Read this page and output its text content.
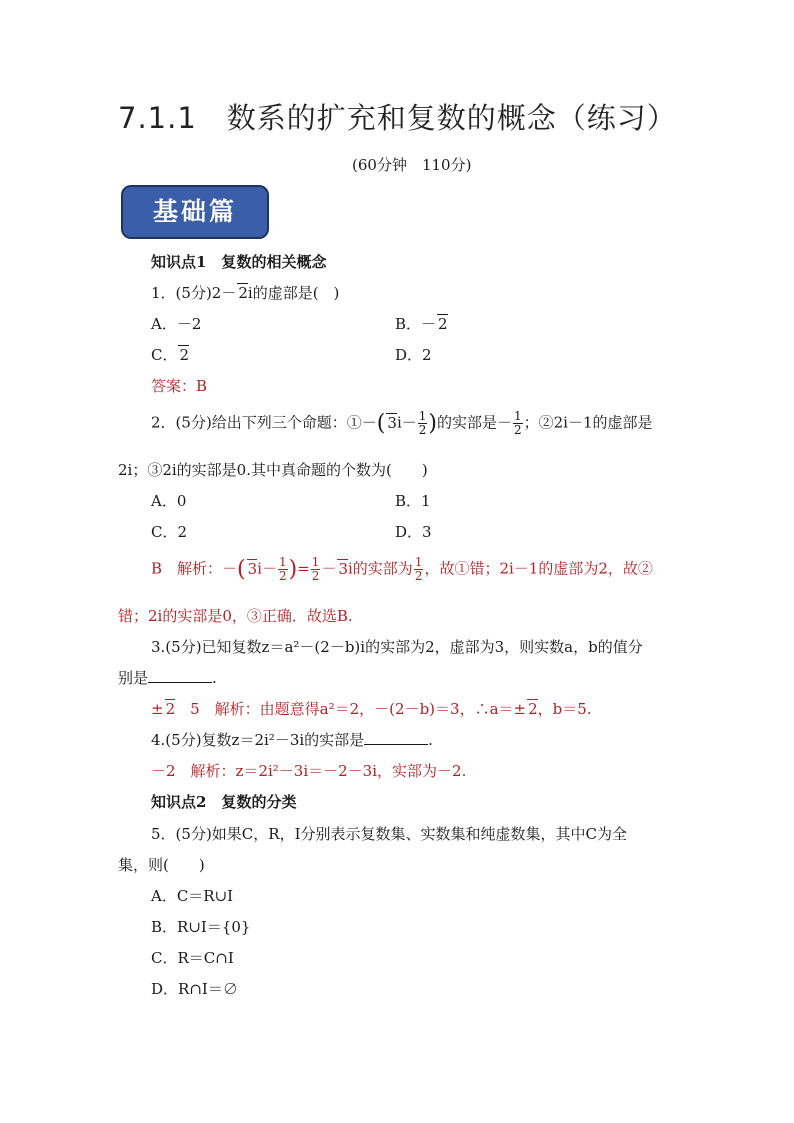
7.1.1　数系的扩充和复数的概念（练习）
(60分钟　110分)
基础篇
知识点1　复数的相关概念
1．(5分)2－ 2i的虚部是(　)
A．－2	B．－ 2
C． 2	D．2
答案：B
2．(5分)给出下列三个命题：①－( $3i- \frac{1}{2}$ )的实部是－ $\frac{1}{2}$ ；②2i－1的虚部是
2i；③2i的实部是0.其中真命题的个数为(　　)
A．0	B．1
C．2	D．3
B　解析：－( $3i- \frac{1}{2}$ )= $\frac{1}{2} - 3i$的实部为 $\frac{1}{2}$ ，故①错；2i－1的虚部为2，故②
错；2i的实部是0，③正确．故选B.
3.(5分)已知复数z＝a²－(2－b)i的实部为2，虚部为3，则实数a，b的值分
别是	.
± 2　5　解析：由题意得a²＝2，－(2－b)＝3，∴a＝± 2，b＝5.
4.(5分)复数z＝2i²－3i的实部是	.
－2　解析：z＝2i²－3i＝－2－3i，实部为－2.
知识点2　复数的分类
5．(5分)如果C，R，I分别表示复数集、实数集和纯虚数集，其中C为全
集，则(　　)
A．C＝R∪I
B．R∪I＝{0}
C．R＝C∩I
D．R∩I＝∅
